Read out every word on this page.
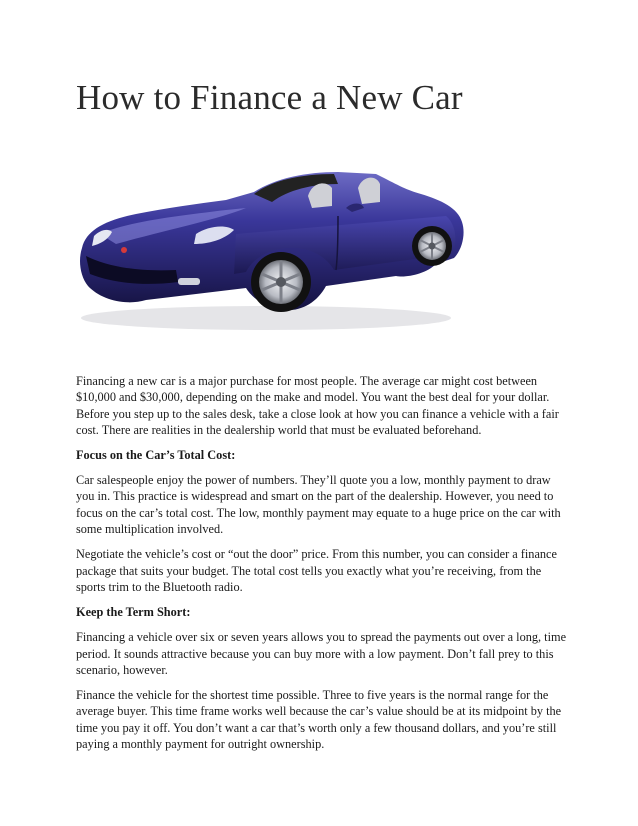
How to Finance a New Car

Financing a new car is a major purchase for most people. The average car might cost between $10,000 and $30,000, depending on the make and model. You want the best deal for your dollar. Before you step up to the sales desk, take a close look at how you can finance a vehicle with a fair cost. There are realities in the dealership world that must be evaluated beforehand.

Focus on the Car’s Total Cost:

Car salespeople enjoy the power of numbers. They’ll quote you a low, monthly payment to draw you in. This practice is widespread and smart on the part of the dealership. However, you need to focus on the car’s total cost. The low, monthly payment may equate to a huge price on the car with some multiplication involved.

Negotiate the vehicle’s cost or “out the door” price. From this number, you can consider a finance package that suits your budget. The total cost tells you exactly what you’re receiving, from the sports trim to the Bluetooth radio.

Keep the Term Short:

Financing a vehicle over six or seven years allows you to spread the payments out over a long, time period. It sounds attractive because you can buy more with a low payment. Don’t fall prey to this scenario, however.

Finance the vehicle for the shortest time possible. Three to five years is the normal range for the average buyer. This time frame works well because the car’s value should be at its midpoint by the time you pay it off. You don’t want a car that’s worth only a few thousand dollars, and you’re still paying a monthly payment for outright ownership.
